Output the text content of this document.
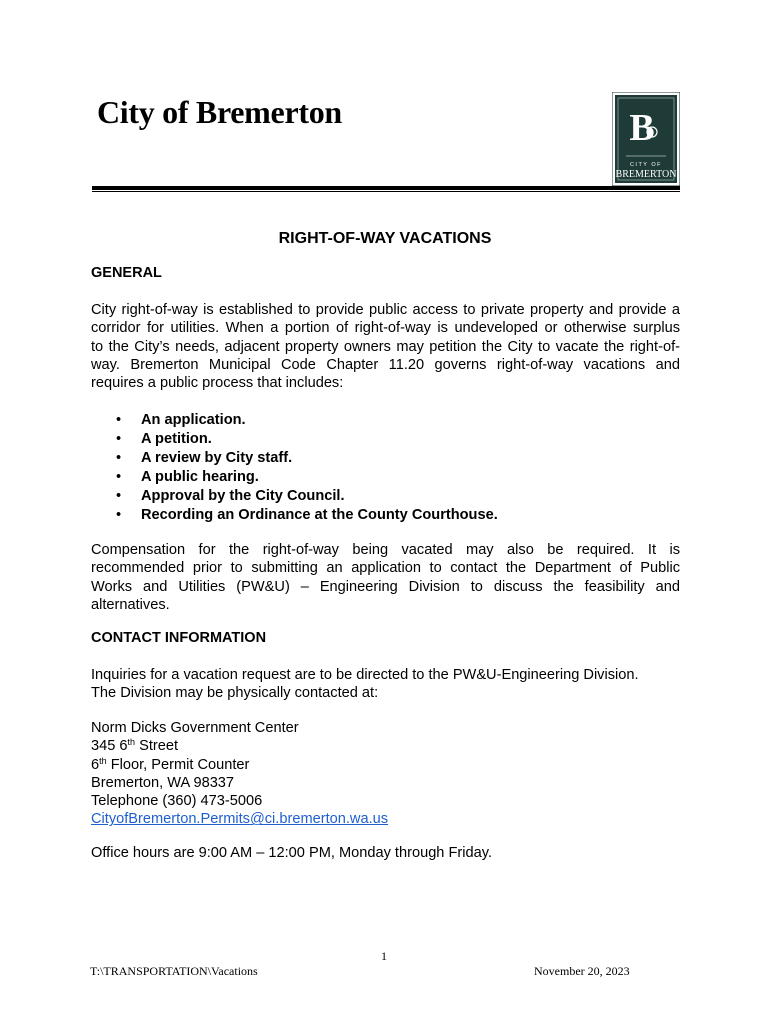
City of Bremerton	B
CITY OF
BREMERTON
RIGHT-OF-WAY VACATIONS
GENERAL
City right-of-way is established to provide public access to private property and provide a
corridor for utilities. When a portion of right-of-way is undeveloped or otherwise surplus
to the City’s needs, adjacent property owners may petition the City to vacate the right-of-
way. Bremerton Municipal Code Chapter 11.20 governs right-of-way vacations and
requires a public process that includes:
•	An application.
•	A petition.
•	A review by City staff.
•	A public hearing.
•	Approval by the City Council.
•	Recording an Ordinance at the County Courthouse.
Compensation for the right-of-way being vacated may also be required. It is
recommended prior to submitting an application to contact the Department of Public
Works and Utilities (PW&U) – Engineering Division to discuss the feasibility and
alternatives.
CONTACT INFORMATION
Inquiries for a vacation request are to be directed to the PW&U-Engineering Division.
The Division may be physically contacted at:
Norm Dicks Government Center
345 6th Street
6th Floor, Permit Counter
Bremerton, WA 98337
Telephone (360) 473-5006
CityofBremerton.Permits@ci.bremerton.wa.us
Office hours are 9:00 AM – 12:00 PM, Monday through Friday.
1
T:\TRANSPORTATION\Vacations	November 20, 2023
